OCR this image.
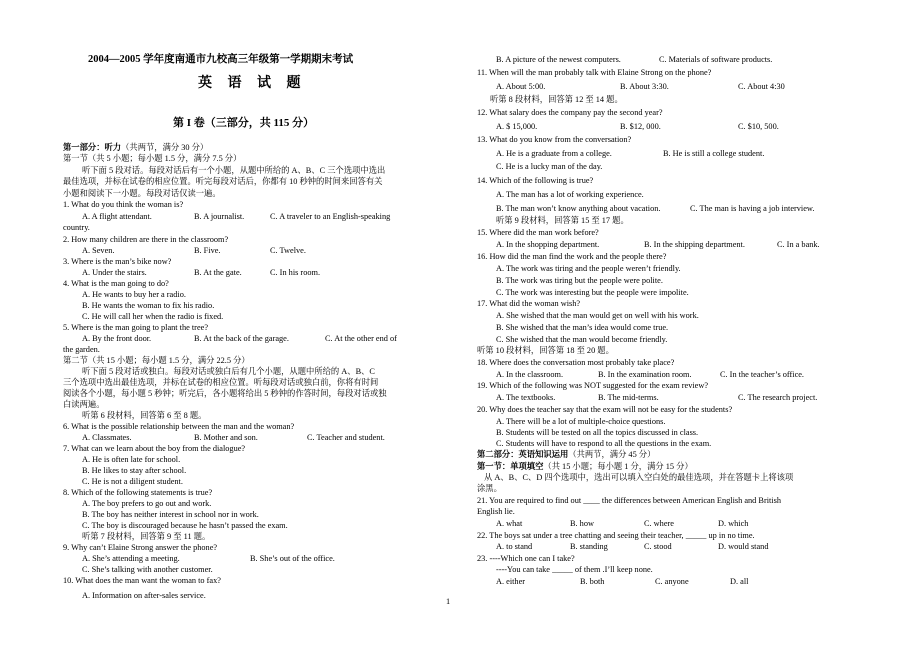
2004—2005 学年度南通市九校高三年级第一学期期末考试
英 语 试 题
第 I 卷（三部分，共 115 分）
第一部分：听力（共两节，满分 30 分）
第一节（共 5 小题；每小题 1.5 分，满分 7.5 分）
听下面 5 段对话。每段对话后有一个小题，从题中所给的 A、B、C 三个选项中选出
最佳选项，并标在试卷的相应位置。听完每段对话后，你都有 10 秒钟的时间来回答有关
小题和阅读下一小题。每段对话仅读一遍。
1. What do you think the woman is?
A. A flight attendant.	B. A journalist.	C. A traveler to an English-speaking
country.
2. How many children are there in the classroom?
A. Seven.	B. Five.	C. Twelve.
3. Where is the man’s bike now?
A. Under the stairs.	B. At the gate.	C. In his room.
4. What is the man going to do?
A. He wants to buy her a radio.
B. He wants the woman to fix his radio.
C. He will call her when the radio is fixed.
5. Where is the man going to plant the tree?
A. By the front door.	B. At the back of the garage.	C. At the other end of
the garden.
第二节（共 15 小题；每小题 1.5 分，满分 22.5 分）
听下面 5 段对话或独白。每段对话或独白后有几个小题，从题中所给的 A、B、C
三个选项中选出最佳选项，并标在试卷的相应位置。听每段对话或独白前，你将有时间
阅读各个小题，每小题 5 秒钟；听完后，各小题将给出 5 秒钟的作答时间，每段对话或独
白读两遍。
听第 6 段材料，回答第 6 至 8 题。
6. What is the possible relationship between the man and the woman?
A. Classmates.	B. Mother and son.	C. Teacher and student.
7. What can we learn about the boy from the dialogue?
A. He is often late for school.
B. He likes to stay after school.
C. He is not a diligent student.
8. Which of the following statements is true?
A. The boy prefers to go out and work.
B. The boy has neither interest in school nor in work.
C. The boy is discouraged because he hasn’t passed the exam.
听第 7 段材料，回答第 9 至 11 题。
9. Why can’t Elaine Strong answer the phone?
A. She’s attending a meeting.	B. She’s out of the office.
C. She’s talking with another customer.
10. What does the man want the woman to fax?
A. Information on after-sales service.
B. A picture of the newest computers.	C. Materials of software products.
11. When will the man probably talk with Elaine Strong on the phone?
A. About 5:00.	B. About 3:30.	C. About 4:30
听第 8 段材料，回答第 12 至 14 题。
12. What salary does the company pay the second year?
A. $ 15,000.	B. $12, 000.	C. $10, 500.
13. What do you know from the conversation?
A. He is a graduate from a college.	B. He is still a college student.
C. He is a lucky man of the day.
14. Which of the following is true?
A. The man has a lot of working experience.
B. The man won’t know anything about vacation.	C. The man is having a job interview.
听第 9 段材料，回答第 15 至 17 题。
15. Where did the man work before?
A. In the shopping department.	B. In the shipping department.	C. In a bank.
16. How did the man find the work and the people there?
A. The work was tiring and the people weren’t friendly.
B. The work was tiring but the people were polite.
C. The work was interesting but the people were impolite.
17. What did the woman wish?
A. She wished that the man would get on well with his work.
B. She wished that the man’s idea would come true.
C. She wished that the man would become friendly.
听第 10 段材料，回答第 18 至 20 题。
18. Where does the conversation most probably take place?
A. In the classroom.	B. In the examination room.	C. In the teacher’s office.
19. Which of the following was NOT suggested for the exam review?
A. The textbooks.	B. The mid-terms.	C. The research project.
20. Why does the teacher say that the exam will not be easy for the students?
A. There will be a lot of multiple-choice questions.
B. Students will be tested on all the topics discussed in class.
C. Students will have to respond to all the questions in the exam.
第二部分：英语知识运用（共两节，满分 45 分）
第一节：单项填空（共 15 小题；每小题 1 分，满分 15 分）
从 A、B、C、D 四个选项中，选出可以填入空白处的最佳选项，并在答题卡上将该项
涂黑。
21. You are required to find out ____ the differences between American English and British
English lie.
A. what	B. how	C. where	D. which
22. The boys sat under a tree chatting and seeing their teacher, _____ up in no time.
A. to stand	B. standing	C. stood	D. would stand
23. ----Which one can I take?
----You can take _____ of them .I’ll keep none.
A. either	B. both	C. anyone	D. all
1
